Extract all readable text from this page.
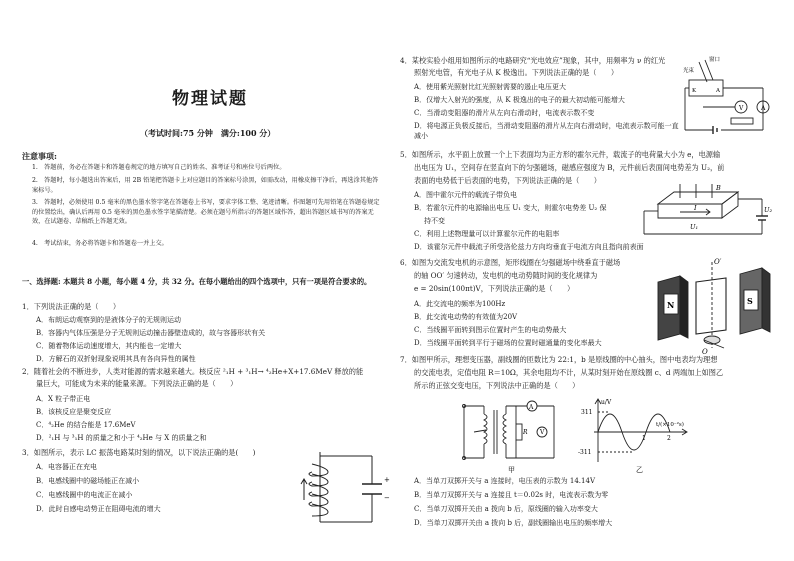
物理试题
（考试时间:75 分钟　满分:100 分）
注意事项:
1.　答题前，务必在答题卡和答题卷规定的地方填写自己的姓名、准考证号和座位号后两位。
2.　答题时，每小题选出答案后，用 2B 铅笔把答题卡上对应题目的答案标号涂黑，如需改动，用橡皮擦干净后，再选涂其他答案标号。
3.　答题时，必须使用 0.5 毫米的黑色墨水签字笔在答题卷上书写，要求字体工整、笔迹清晰。作图题可先用铅笔在答题卷规定的位置绘出，确认后再用 0.5 毫米的黑色墨水签字笔描清楚。必须在题号所指示的答题区域作答，超出答题区域书写的答案无效，在试题卷、草稿纸上答题无效。
4.　考试结束，务必将答题卡和答题卷一并上交。
一、选择题: 本题共 8 小题，每小题 4 分，共 32 分。在每小题给出的四个选项中，只有一项是符合要求的。
1．下列说法正确的是（　　）
A．布朗运动观察到的是液体分子的无规则运动
B．容器内气体压强是分子无规则运动撞击器壁造成的，故与容器形状有关
C．随着物体运动速度增大，其内能也一定增大
D．方解石的双折射现象说明其具有各向异性的属性
2．随着社会的不断进步，人类对能源的需求越来越大。核反应 ²₁H + ³₁H→ ⁴₂He+X+17.6MeV 释放的能
量巨大，可能成为未来的能量来源。下列说法正确的是（　　）
A．X 粒子带正电
B．该核反应是聚变反应
C．⁴₂He 的结合能是 17.6MeV
D．²₁H 与 ³₁H 的质量之和小于 ⁴₂He 与 X 的质量之和
3．如图所示，表示 LC 振荡电路某时刻的情况，以下说法正确的是(　　)
A．电容器正在充电
B．电感线圈中的磁场能正在减小
C．电感线圈中的电流正在减小
D．此时自感电动势正在阻碍电流的增大
+
−
4．某校实验小组用如图所示的电路研究“光电效应”现象，其中，用频率为 ν 的红光
照射光电管，有光电子从 K 极逸出。下列说法正确的是（　　）
A．使用紫光照射比红光照射需要的遏止电压更大
B．仅增大入射光的强度，从 K 极逸出的电子的最大初动能可能增大
C．当滑动变阻器的滑片从左向右滑动时，电流表示数不变
D．将电源正负极反接后，当滑动变阻器的滑片从左向右滑动时，电流表示数可能一直减小
V	A
窗口
光束
K	A
5．如图所示，水平面上放置一个上下表面均为正方形的霍尔元件，载流子的电荷量大小为 e，电源输
出电压为 U₁，空间存在竖直向下的匀强磁场，磁感应强度为 B，元件前后表面间电势差为 U₂，前
表面的电势低于后表面的电势，下列说法正确的是（　　）
A．图中霍尔元件的载流子带负电
B．若霍尔元件的电源输出电压 U₁ 变大，则霍尔电势差 U₂ 保
持不变
C．利用上述物理量可以计算霍尔元件的电阻率
D．该霍尔元件中载流子所受洛伦兹力方向均垂直于电流方向且指向前表面
B
U₁
I	U₂
6．如图为交流发电机的示意图，矩形线圈在匀强磁场中绕垂直于磁场
的轴 OO′ 匀速转动，发电机的电动势随时间的变化规律为
e = 20sin(100πt)V，下列说法正确的是（　　）
A．此交流电的频率为100Hz
B．此交流电动势的有效值为20V
C．当线圈平面转到图示位置时产生的电动势最大
D．当线圈平面转到平行于磁场的位置时磁通量的变化率最大
N	S
O′
O
7．如图甲所示，理想变压器，副线圈的匝数比为 22:1，b 是原线圈的中心抽头，图中电表均为理想
的交流电表，定值电阻 R＝10Ω，其余电阻均不计，从某时刻开始在原线圈 c、d 两端加上如图乙
所示的正弦交变电压，下列说法中正确的是（　　）
A
V
R
甲
u/V
311
-311
1	2
t/(×10⁻²s)
乙
A．当单刀双掷开关与 a 连接时，电压表的示数为 14.14V
B．当单刀双掷开关与 a 连接且 t＝0.02s 时，电流表示数为零
C．当单刀双掷开关由 a 拨向 b 后，原线圈的输入功率变大
D．当单刀双掷开关由 a 拨向 b 后，副线圈输出电压的频率增大
